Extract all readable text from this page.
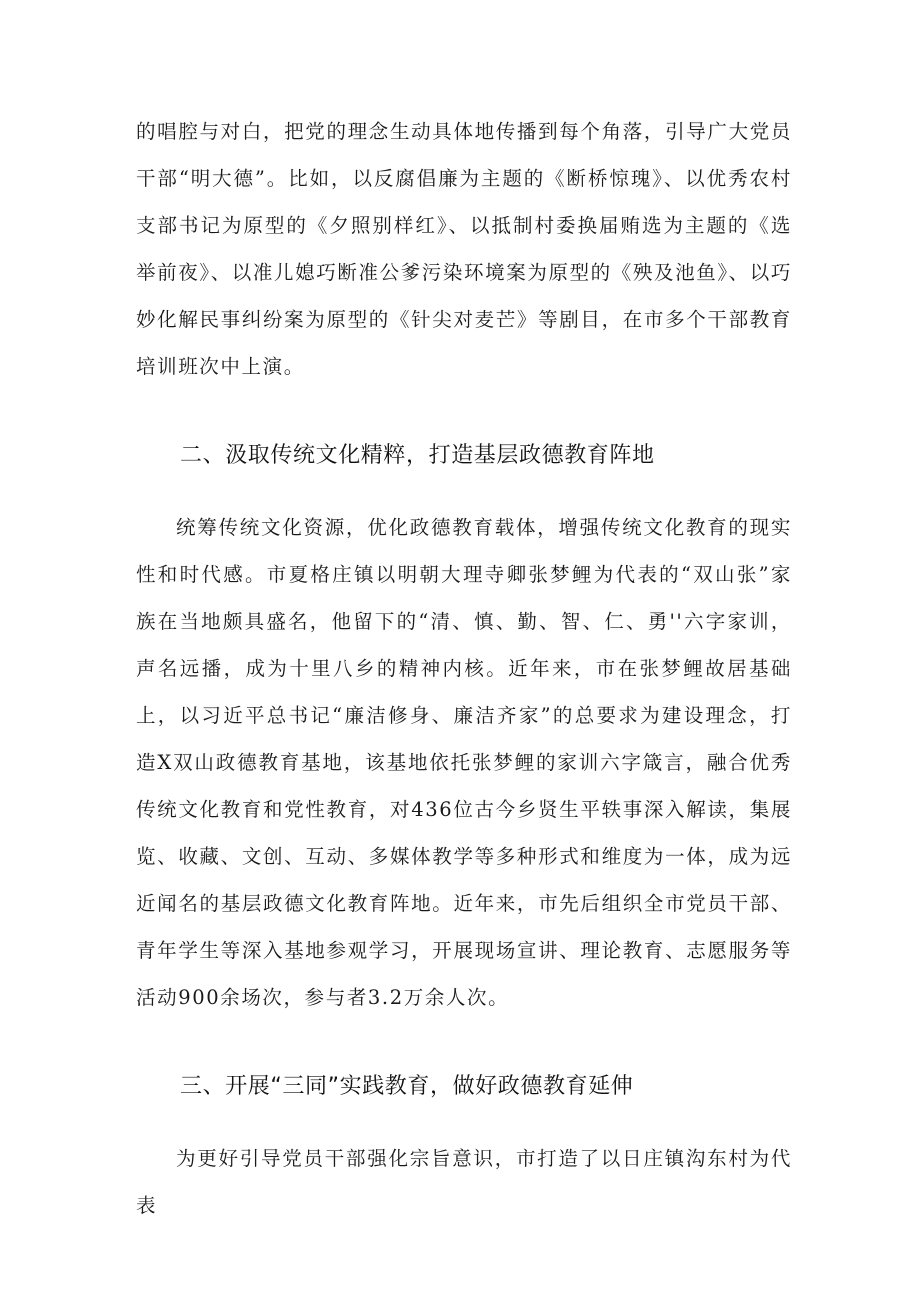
的唱腔与对白，把党的理念生动具体地传播到每个角落，引导广大党员干部“明大德”。比如，以反腐倡廉为主题的《断桥惊瑰》、以优秀农村支部书记为原型的《夕照别样红》、以抵制村委换届贿选为主题的《选举前夜》、以准儿媳巧断准公爹污染环境案为原型的《殃及池鱼》、以巧妙化解民事纠纷案为原型的《针尖对麦芒》等剧目，在市多个干部教育培训班次中上演。

二、汲取传统文化精粹，打造基层政德教育阵地

统筹传统文化资源，优化政德教育载体，增强传统文化教育的现实性和时代感。市夏格庄镇以明朝大理寺卿张梦鲤为代表的“双山张”家族在当地颇具盛名，他留下的“清、慎、勤、智、仁、勇''六字家训，声名远播，成为十里八乡的精神内核。近年来，市在张梦鲤故居基础上，以习近平总书记“廉洁修身、廉洁齐家”的总要求为建设理念，打造X双山政德教育基地，该基地依托张梦鲤的家训六字箴言，融合优秀传统文化教育和党性教育，对436位古今乡贤生平轶事深入解读，集展览、收藏、文创、互动、多媒体教学等多种形式和维度为一体，成为远近闻名的基层政德文化教育阵地。近年来，市先后组织全市党员干部、青年学生等深入基地参观学习，开展现场宣讲、理论教育、志愿服务等活动900余场次，参与者3.2万余人次。

三、开展“三同”实践教育，做好政德教育延伸

为更好引导党员干部强化宗旨意识，市打造了以日庄镇沟东村为代表
